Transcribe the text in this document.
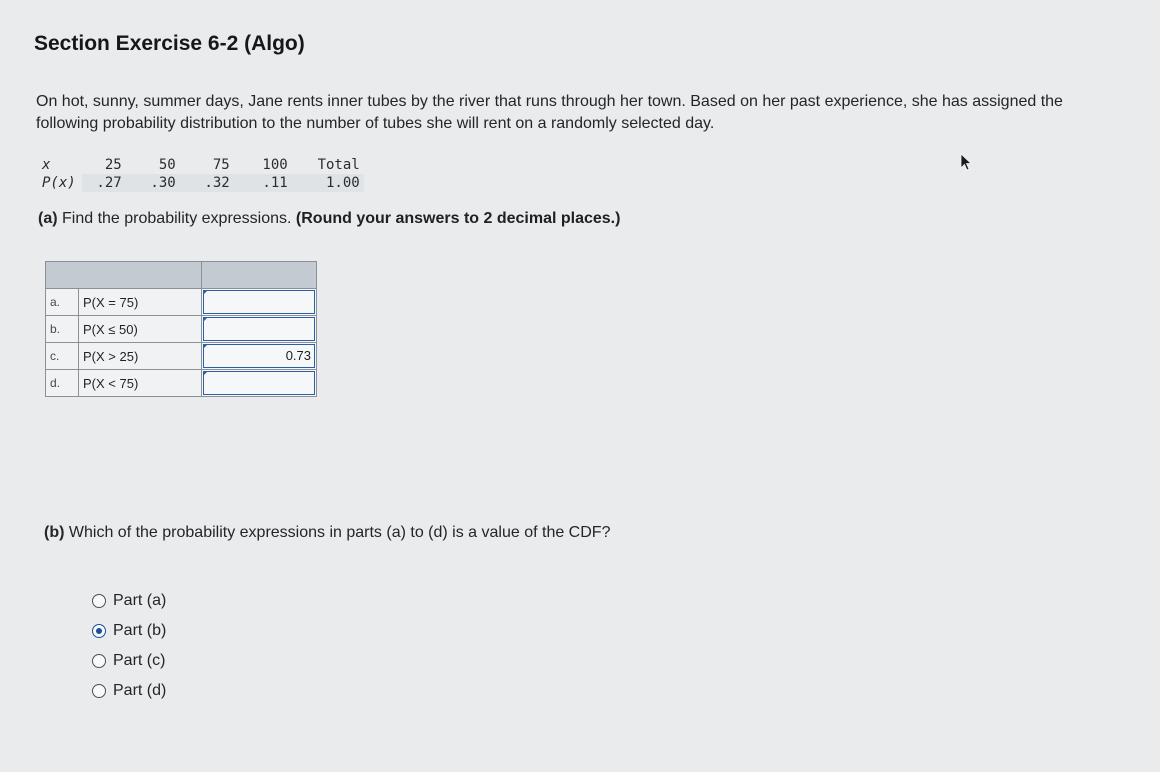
Section Exercise 6-2 (Algo)
On hot, sunny, summer days, Jane rents inner tubes by the river that runs through her town. Based on her past experience, she has assigned the following probability distribution to the number of tubes she will rent on a randomly selected day.
x	25	50	75	100	Total
P(x)	.27	.30	.32	.11	1.00
(a) Find the probability expressions. (Round your answers to 2 decimal places.)

a.	P(X = 75)	

b.	P(X ≤ 50)	

c.	P(X > 25)	0.73

d.	P(X < 75)	
(b) Which of the probability expressions in parts (a) to (d) is a value of the CDF?
Part (a)
Part (b)
Part (c)
Part (d)
